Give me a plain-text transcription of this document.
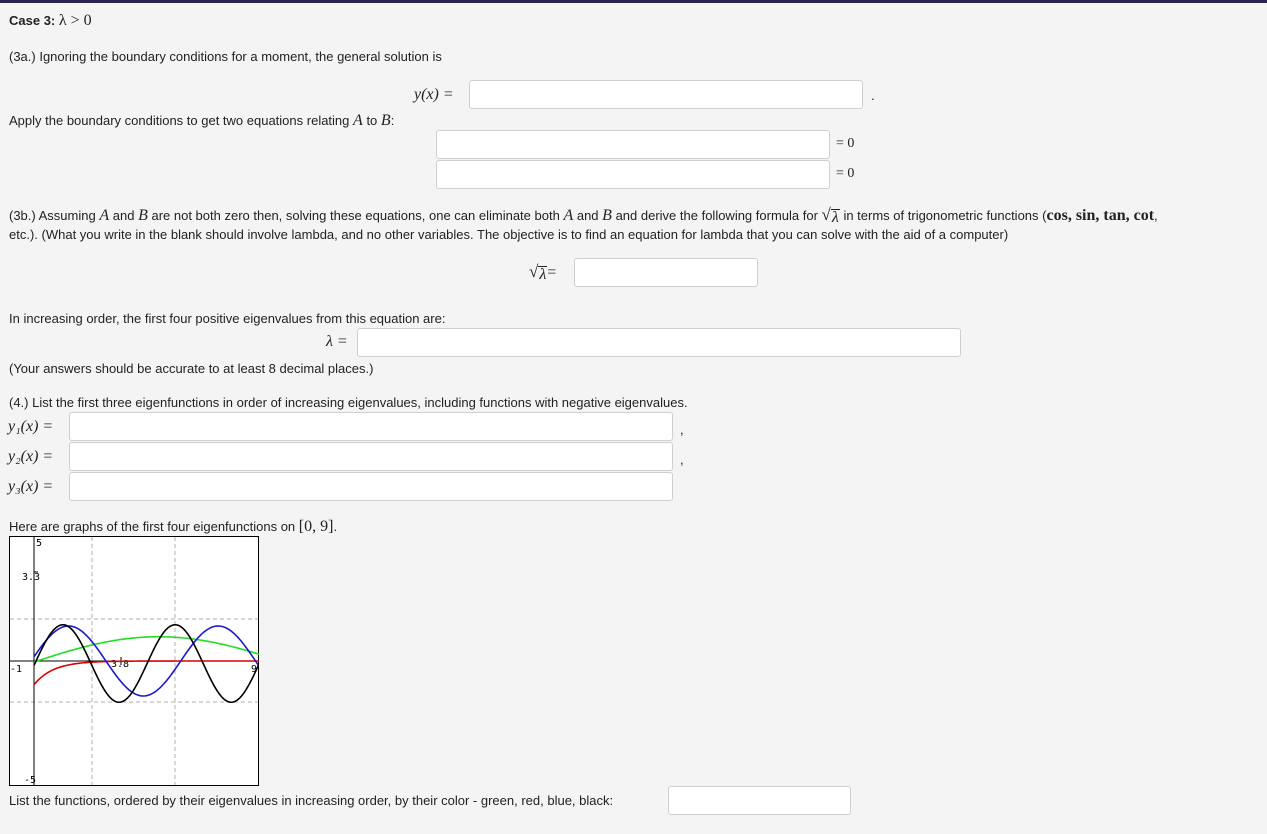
Case 3: λ > 0
(3a.) Ignoring the boundary conditions for a moment, the general solution is
y(x) =	.
Apply the boundary conditions to get two equations relating A to B:
= 0
= 0
(3b.) Assuming A and B are not both zero then, solving these equations, one can eliminate both A and B and derive the following formula for √ λ in terms of trigonometric functions (cos, sin, tan, cot,
etc.). (What you write in the blank should involve lambda, and no other variables. The objective is to find an equation for lambda that you can solve with the aid of a computer)
√ λ =
In increasing order, the first four positive eigenvalues from this equation are:
λ =
(Your answers should be accurate to at least 8 decimal places.)
(4.) List the first three eigenfunctions in order of increasing eigenvalues, including functions with negative eigenvalues.
y₁(x) =	,
y₂(x) =	,
y₃(x) =
Here are graphs of the first four eigenfunctions on [0, 9].
5
3.3
-1	3.8	9
-5
List the functions, ordered by their eigenvalues in increasing order, by their color - green, red, blue, black:
